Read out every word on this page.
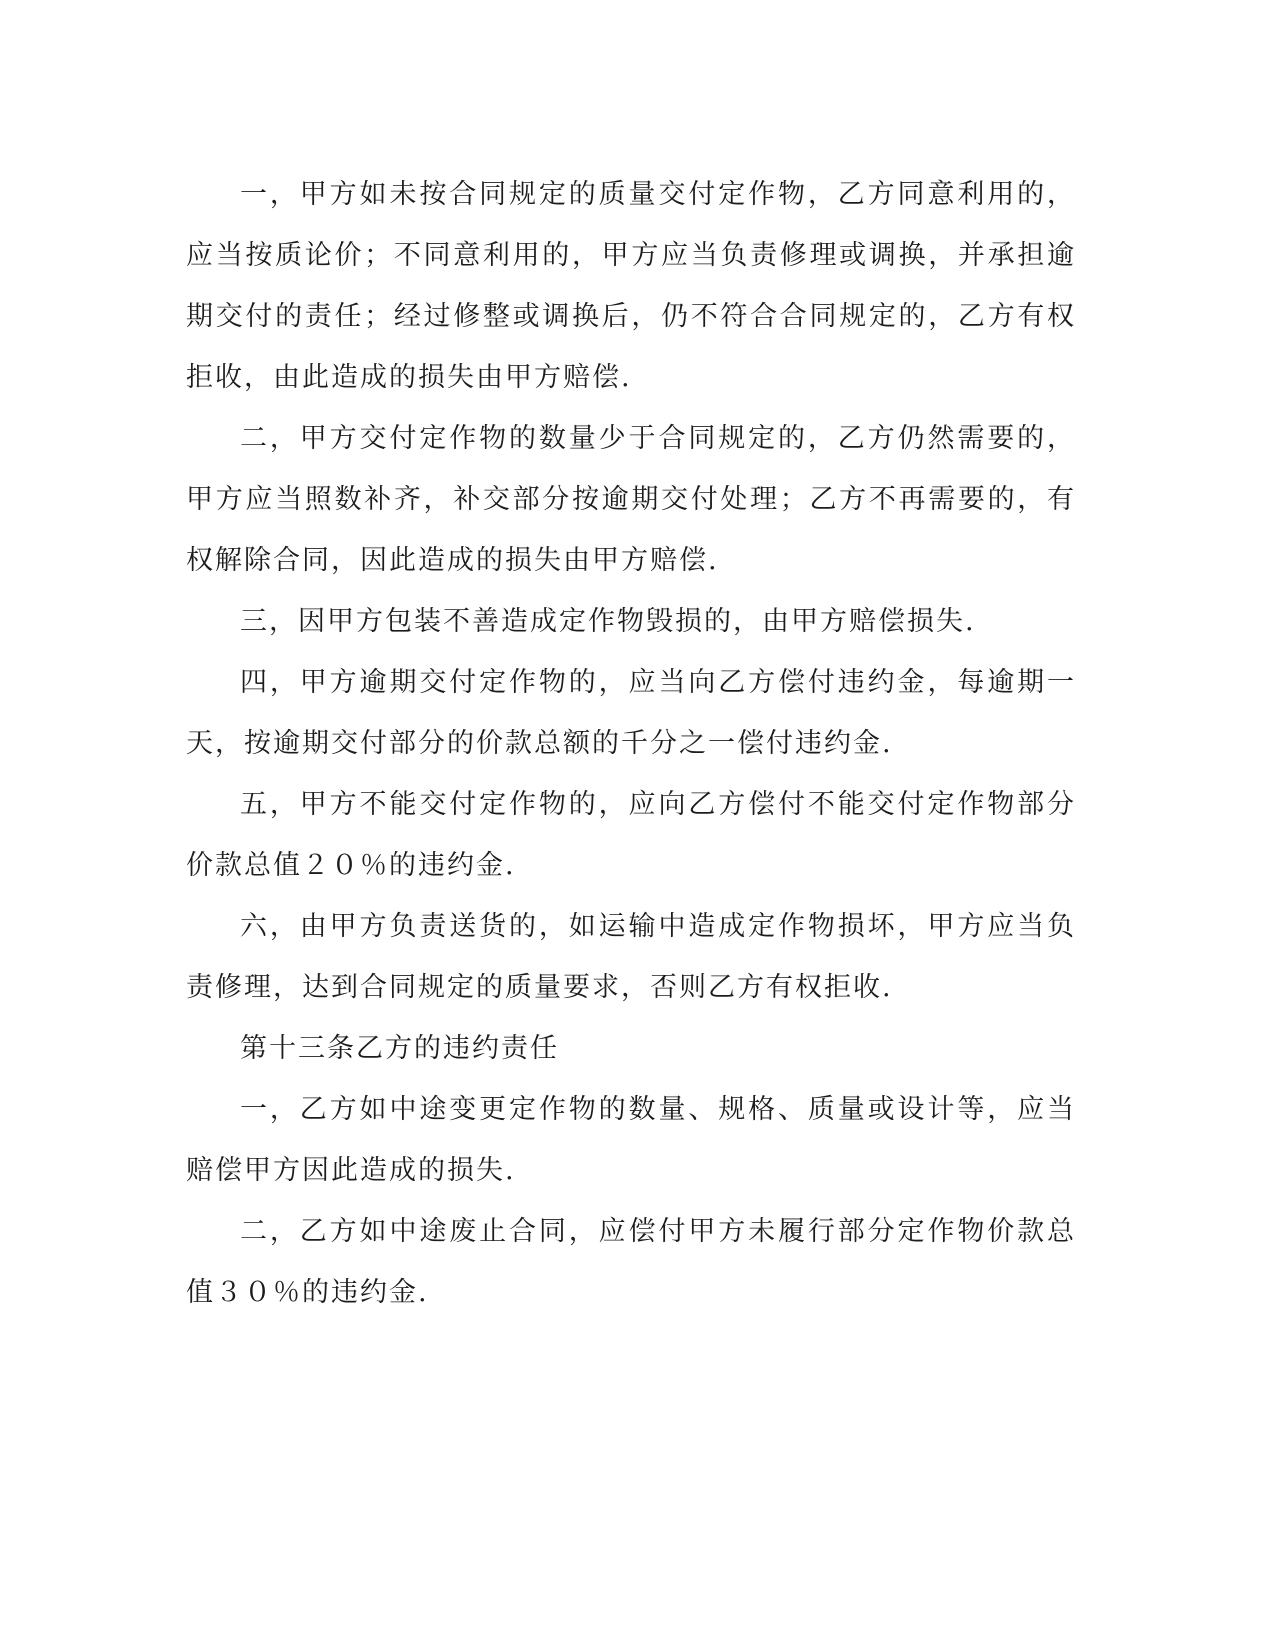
一，甲方如未按合同规定的质量交付定作物，乙方同意利用的，应当按质论价；不同意利用的，甲方应当负责修理或调换，并承担逾期交付的责任；经过修整或调换后，仍不符合合同规定的，乙方有权拒收，由此造成的损失由甲方赔偿.

二，甲方交付定作物的数量少于合同规定的，乙方仍然需要的，甲方应当照数补齐，补交部分按逾期交付处理；乙方不再需要的，有权解除合同，因此造成的损失由甲方赔偿.

三，因甲方包装不善造成定作物毁损的，由甲方赔偿损失.

四，甲方逾期交付定作物的，应当向乙方偿付违约金，每逾期一天，按逾期交付部分的价款总额的千分之一偿付违约金.

五，甲方不能交付定作物的，应向乙方偿付不能交付定作物部分价款总值２０％的违约金.

六，由甲方负责送货的，如运输中造成定作物损坏，甲方应当负责修理，达到合同规定的质量要求，否则乙方有权拒收.

第十三条乙方的违约责任

一，乙方如中途变更定作物的数量、规格、质量或设计等，应当赔偿甲方因此造成的损失.

二，乙方如中途废止合同，应偿付甲方未履行部分定作物价款总值３０％的违约金.
